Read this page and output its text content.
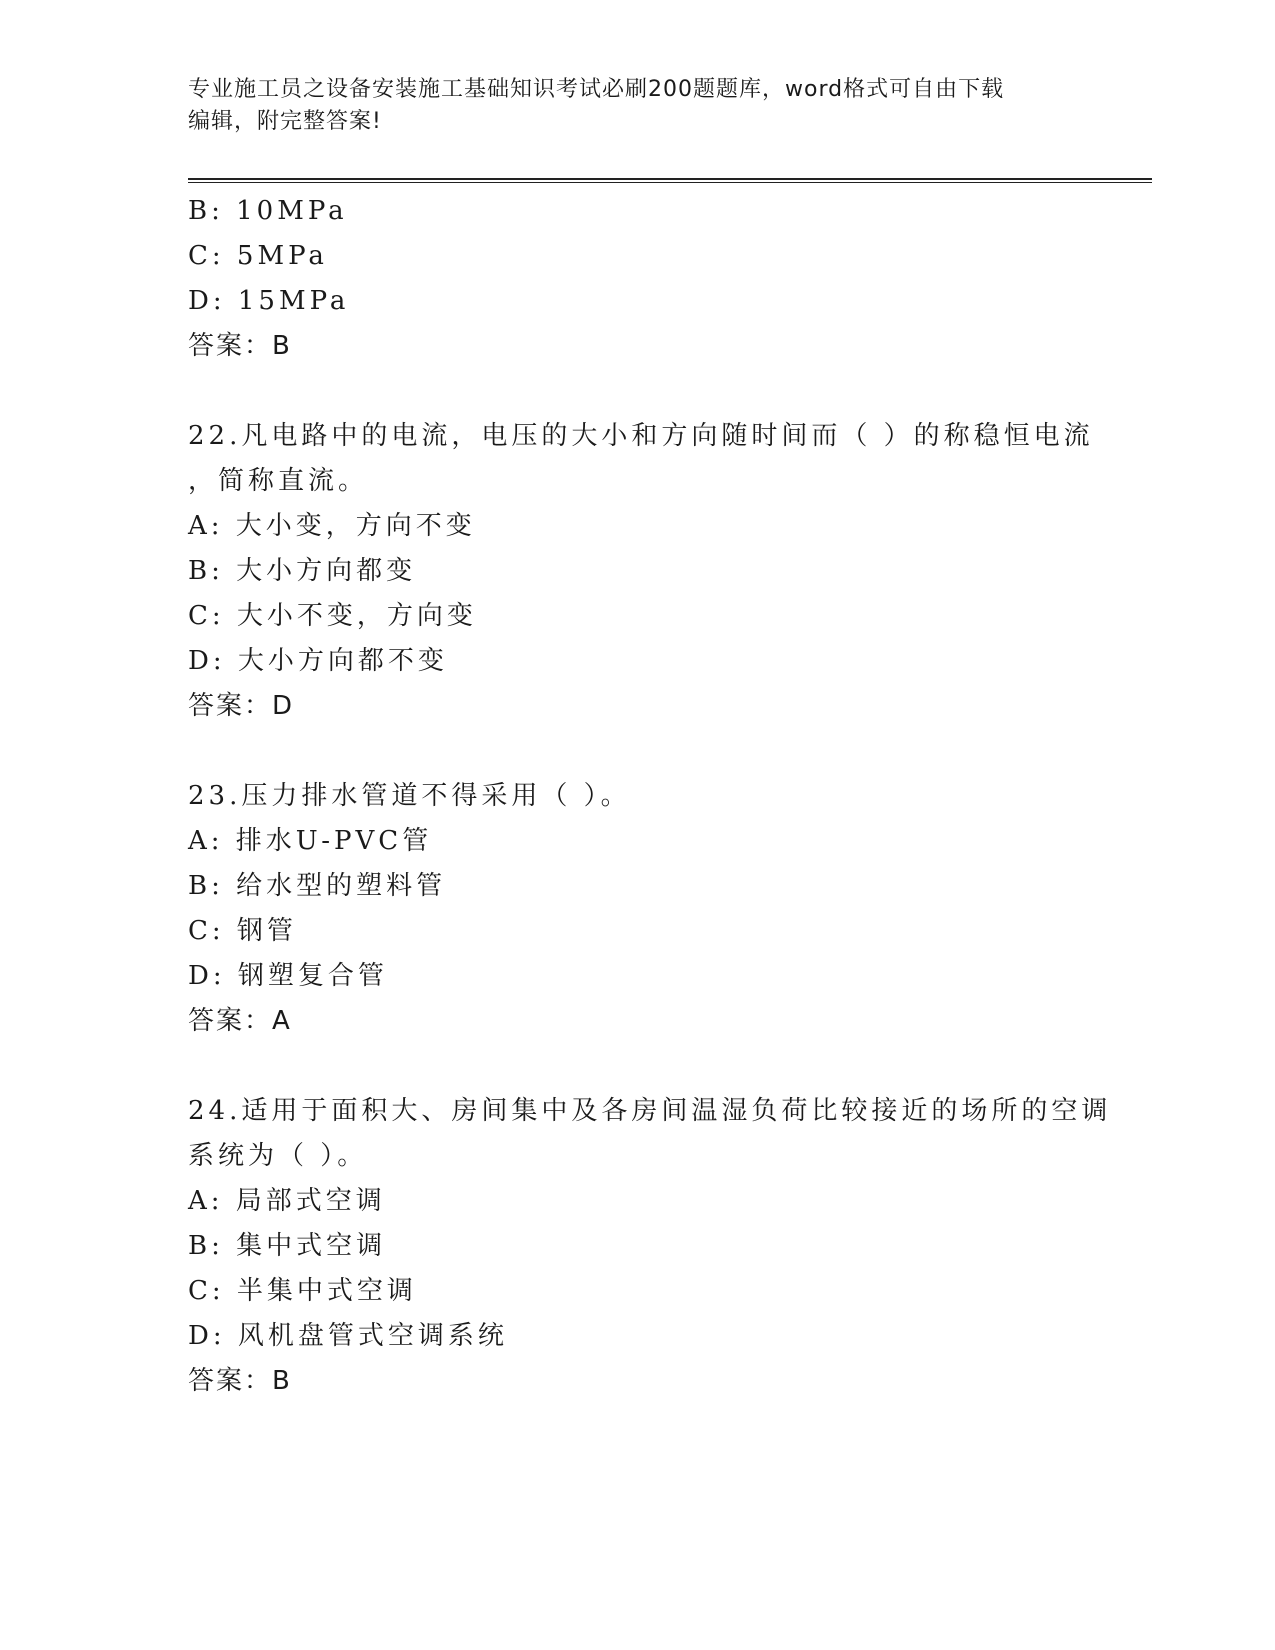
专业施工员之设备安装施工基础知识考试必刷200题题库，word格式可自由下载
编辑，附完整答案!
B: 10MPa
C: 5MPa
D: 15MPa
答案：B
22.凡电路中的电流，电压的大小和方向随时间而（ ）的称稳恒电流
，简称直流。
A: 大小变，方向不变
B: 大小方向都变
C: 大小不变，方向变
D: 大小方向都不变
答案：D
23.压力排水管道不得采用（ ）。
A: 排水U-PVC管
B: 给水型的塑料管
C: 钢管
D: 钢塑复合管
答案：A
24.适用于面积大、房间集中及各房间温湿负荷比较接近的场所的空调
系统为（ ）。
A: 局部式空调
B: 集中式空调
C: 半集中式空调
D: 风机盘管式空调系统
答案：B
